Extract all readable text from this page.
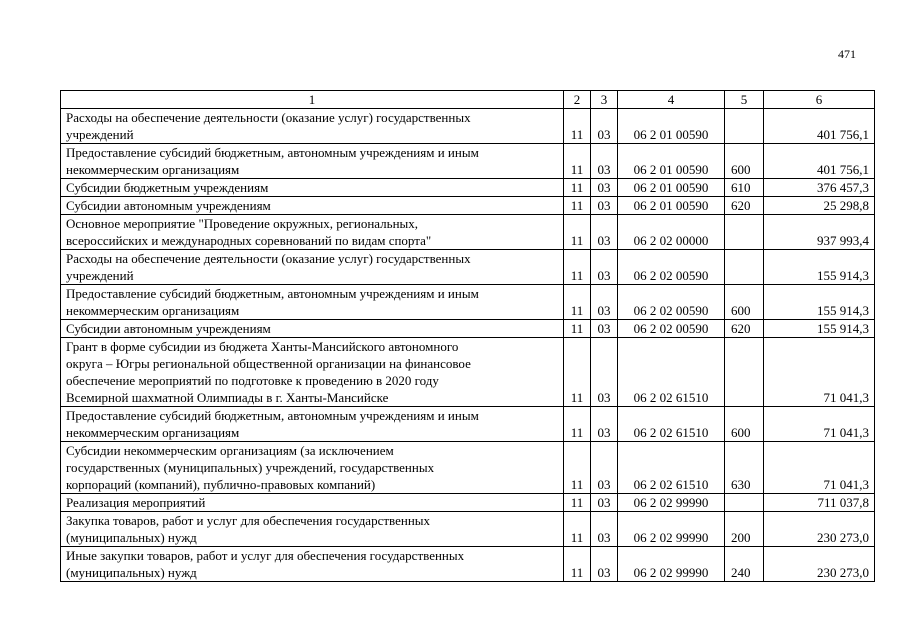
471
1	2	3	4	5	6

Расходы на обеспечение деятельности (оказание услуг) государственных
учреждений	11	03	06 2 01 00590		401 756,1

Предоставление субсидий бюджетным, автономным учреждениям и иным
некоммерческим организациям	11	03	06 2 01 00590	600	401 756,1

Субсидии бюджетным учреждениям	11	03	06 2 01 00590	610	376 457,3

Субсидии автономным учреждениям	11	03	06 2 01 00590	620	25 298,8

Основное мероприятие "Проведение окружных, региональных,
всероссийских и международных соревнований по видам спорта"	11	03	06 2 02 00000		937 993,4

Расходы на обеспечение деятельности (оказание услуг) государственных
учреждений	11	03	06 2 02 00590		155 914,3

Предоставление субсидий бюджетным, автономным учреждениям и иным
некоммерческим организациям	11	03	06 2 02 00590	600	155 914,3

Субсидии автономным учреждениям	11	03	06 2 02 00590	620	155 914,3

Грант в форме субсидии из бюджета Ханты-Мансийского автономного
округа – Югры региональной общественной организации на финансовое
обеспечение мероприятий по подготовке к проведению в 2020 году
Всемирной шахматной Олимпиады в г. Ханты-Мансийске	11	03	06 2 02 61510		71 041,3

Предоставление субсидий бюджетным, автономным учреждениям и иным
некоммерческим организациям	11	03	06 2 02 61510	600	71 041,3

Субсидии некоммерческим организациям (за исключением
государственных (муниципальных) учреждений, государственных
корпораций (компаний), публично-правовых компаний)	11	03	06 2 02 61510	630	71 041,3

Реализация мероприятий	11	03	06 2 02 99990		711 037,8

Закупка товаров, работ и услуг для обеспечения государственных
(муниципальных) нужд	11	03	06 2 02 99990	200	230 273,0

Иные закупки товаров, работ и услуг для обеспечения государственных
(муниципальных) нужд	11	03	06 2 02 99990	240	230 273,0
